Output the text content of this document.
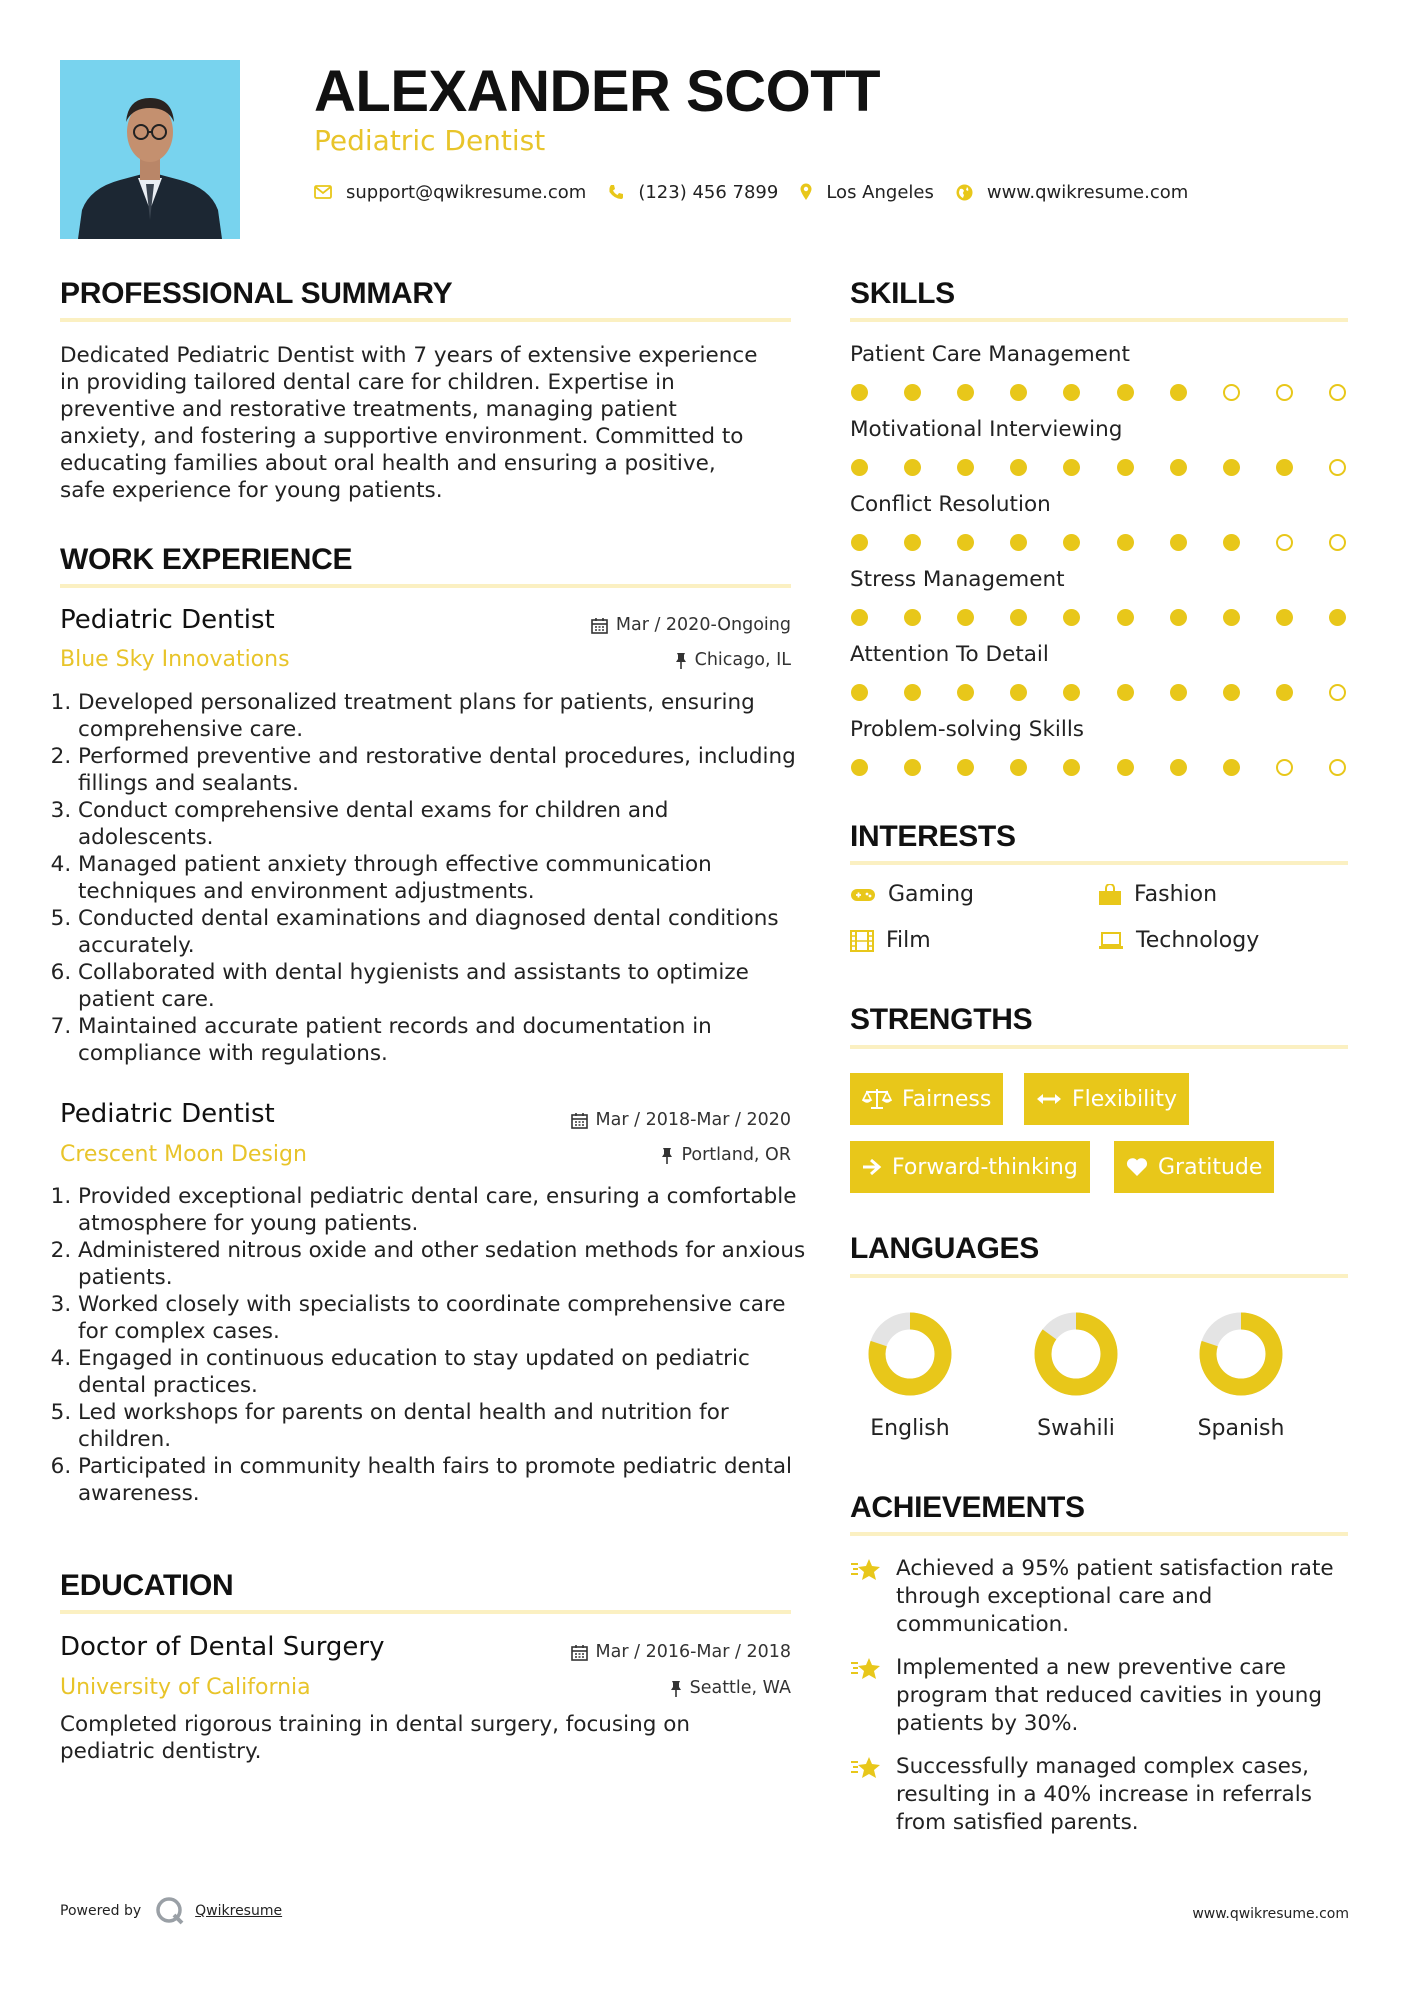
ALEXANDER SCOTT
Pediatric Dentist
support@qwikresume.com	(123) 456 7899	Los Angeles	www.qwikresume.com
PROFESSIONAL SUMMARY
Dedicated Pediatric Dentist with 7 years of extensive experience
in providing tailored dental care for children. Expertise in
preventive and restorative treatments, managing patient
anxiety, and fostering a supportive environment. Committed to
educating families about oral health and ensuring a positive,
safe experience for young patients.
WORK EXPERIENCE
Pediatric Dentist	Mar / 2020-Ongoing
Blue Sky Innovations	Chicago, IL
1. Developed personalized treatment plans for patients, ensuring comprehensive care.
2. Performed preventive and restorative dental procedures, including fillings and sealants.
3. Conduct comprehensive dental exams for children and adolescents.
4. Managed patient anxiety through effective communication techniques and environment adjustments.
5. Conducted dental examinations and diagnosed dental conditions accurately.
6. Collaborated with dental hygienists and assistants to optimize patient care.
7. Maintained accurate patient records and documentation in compliance with regulations.
Pediatric Dentist	Mar / 2018-Mar / 2020
Crescent Moon Design	Portland, OR
1. Provided exceptional pediatric dental care, ensuring a comfortable atmosphere for young patients.
2. Administered nitrous oxide and other sedation methods for anxious patients.
3. Worked closely with specialists to coordinate comprehensive care for complex cases.
4. Engaged in continuous education to stay updated on pediatric dental practices.
5. Led workshops for parents on dental health and nutrition for children.
6. Participated in community health fairs to promote pediatric dental awareness.
EDUCATION
Doctor of Dental Surgery	Mar / 2016-Mar / 2018
University of California	Seattle, WA
Completed rigorous training in dental surgery, focusing on
pediatric dentistry.
SKILLS
Patient Care Management
Motivational Interviewing
Conflict Resolution
Stress Management
Attention To Detail
Problem-solving Skills
INTERESTS
Gaming	Fashion
Film	Technology
STRENGTHS
Fairness	Flexibility
Forward-thinking	Gratitude
LANGUAGES
English	Swahili	Spanish
ACHIEVEMENTS
Achieved a 95% patient satisfaction rate
through exceptional care and
communication.
Implemented a new preventive care
program that reduced cavities in young
patients by 30%.
Successfully managed complex cases,
resulting in a 40% increase in referrals
from satisfied parents.
Powered by	Qwikresume	www.qwikresume.com
